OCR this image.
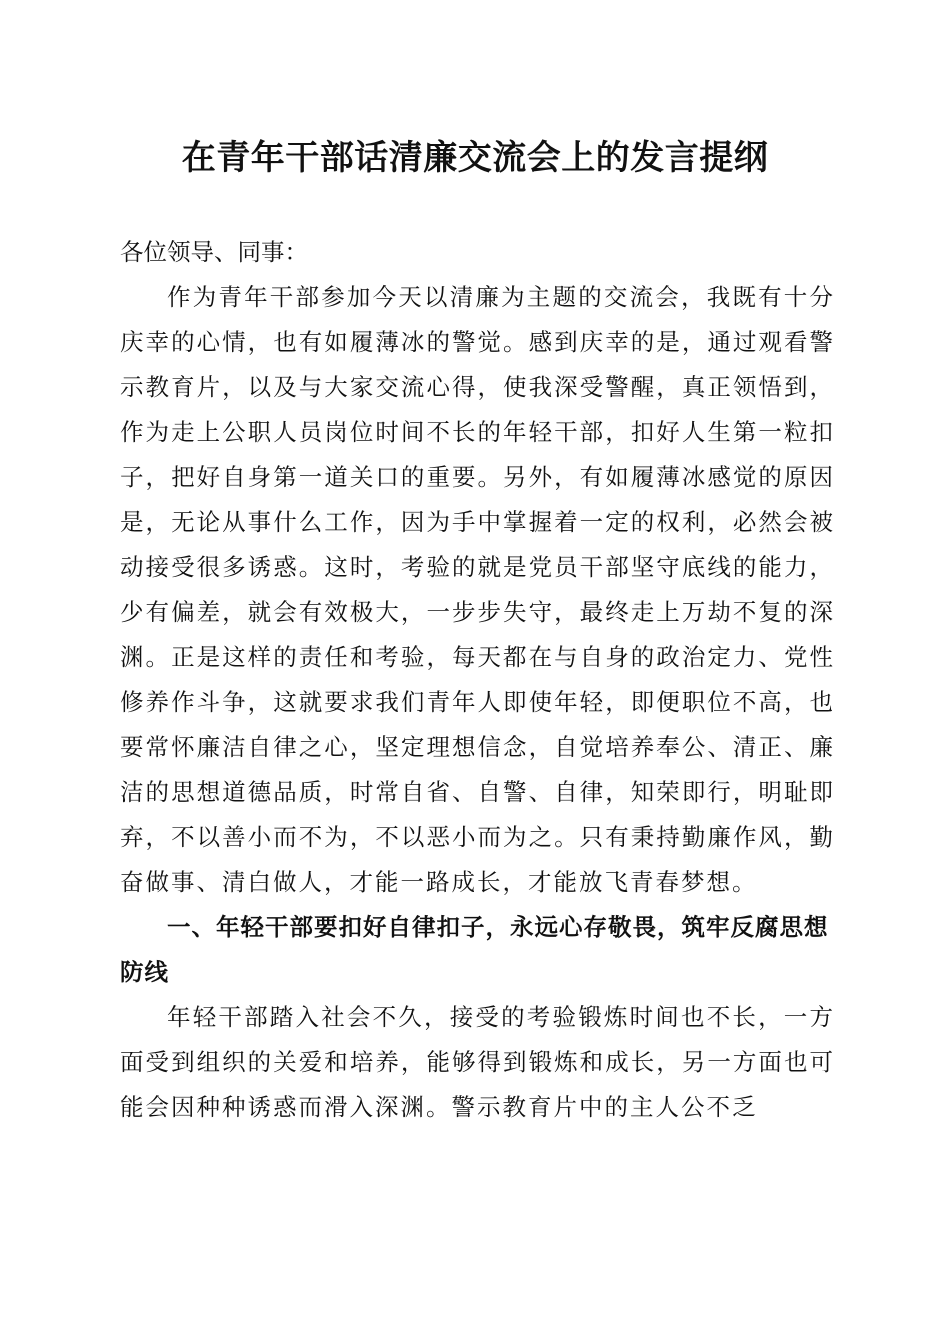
在青年干部话清廉交流会上的发言提纲

各位领导、同事：

作为青年干部参加今天以清廉为主题的交流会，我既有十分庆幸的心情，也有如履薄冰的警觉。感到庆幸的是，通过观看警示教育片，以及与大家交流心得，使我深受警醒，真正领悟到，作为走上公职人员岗位时间不长的年轻干部，扣好人生第一粒扣子，把好自身第一道关口的重要。另外，有如履薄冰感觉的原因是，无论从事什么工作，因为手中掌握着一定的权利，必然会被动接受很多诱惑。这时，考验的就是党员干部坚守底线的能力，少有偏差，就会有效极大，一步步失守，最终走上万劫不复的深渊。正是这样的责任和考验，每天都在与自身的政治定力、党性修养作斗争，这就要求我们青年人即使年轻，即便职位不高，也要常怀廉洁自律之心，坚定理想信念，自觉培养奉公、清正、廉洁的思想道德品质，时常自省、自警、自律，知荣即行，明耻即弃，不以善小而不为，不以恶小而为之。只有秉持勤廉作风，勤奋做事、清白做人，才能一路成长，才能放飞青春梦想。

一、年轻干部要扣好自律扣子，永远心存敬畏，筑牢反腐思想防线

年轻干部踏入社会不久，接受的考验锻炼时间也不长，一方面受到组织的关爱和培养，能够得到锻炼和成长，另一方面也可能会因种种诱惑而滑入深渊。警示教育片中的主人公不乏
